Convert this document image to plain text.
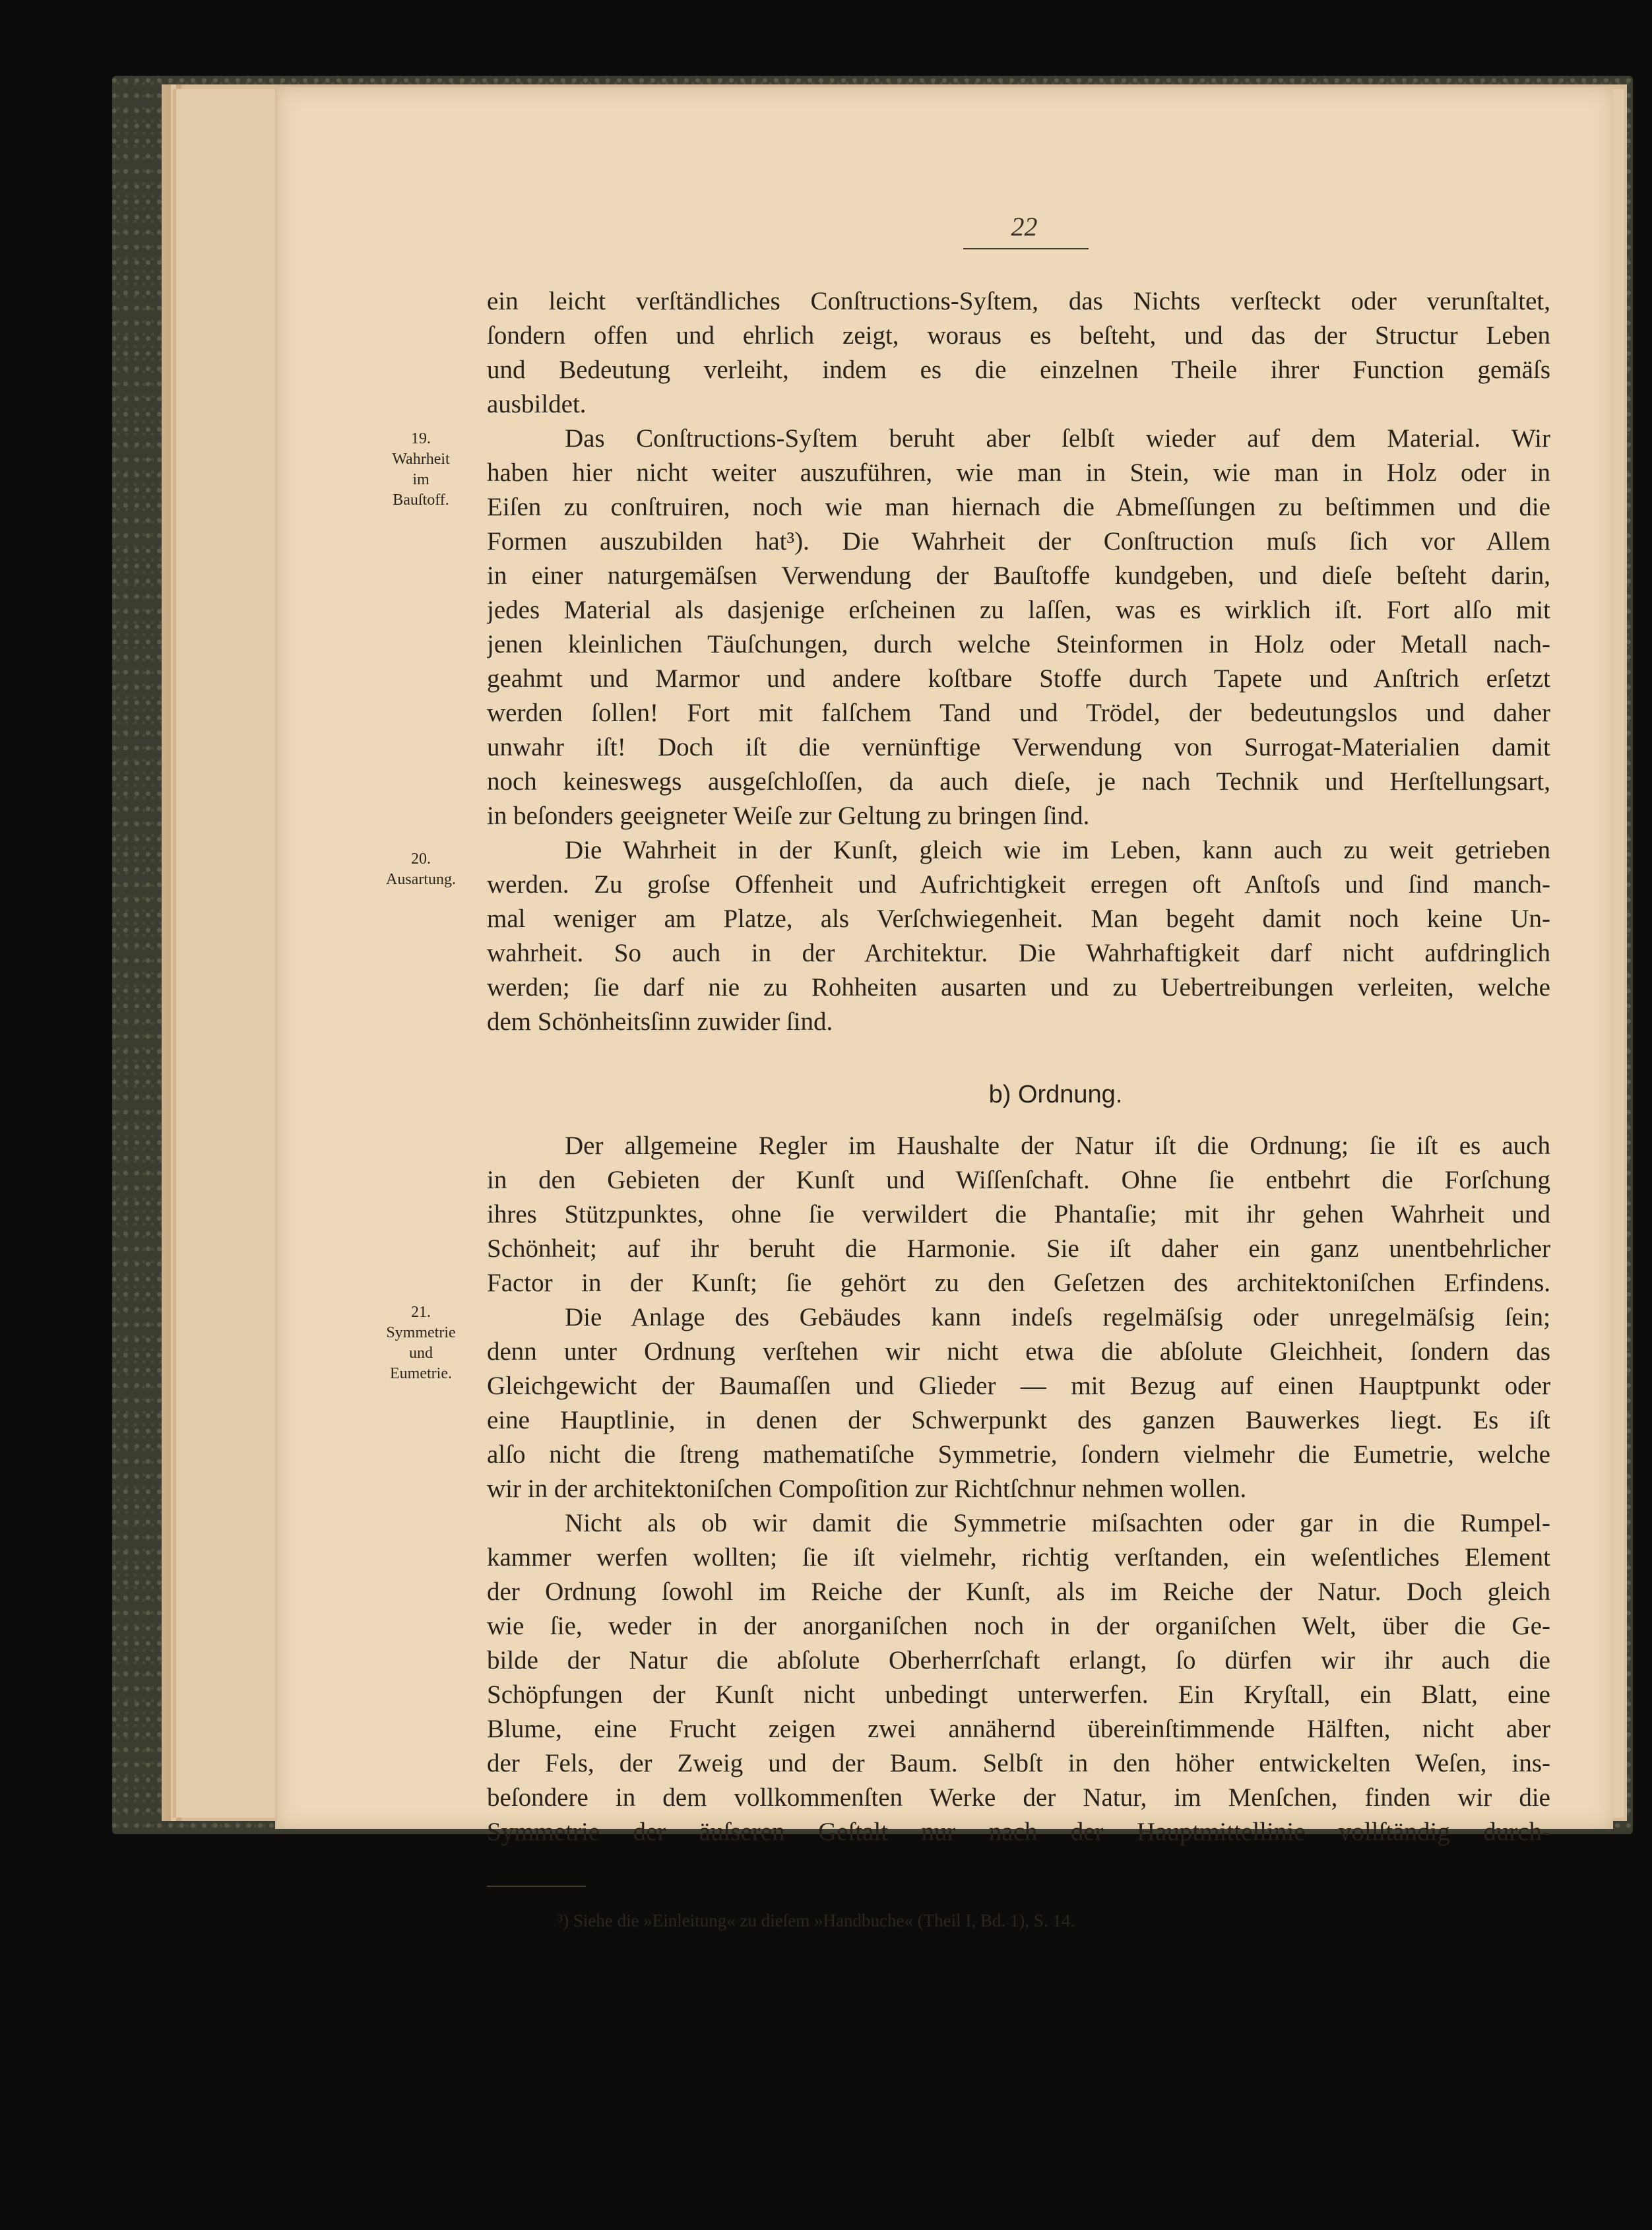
22
ein leicht verſtändliches Conſtructions-Syſtem, das Nichts verſteckt oder verunſtaltet,
ſondern offen und ehrlich zeigt, woraus es beſteht, und das der Structur Leben
und Bedeutung verleiht, indem es die einzelnen Theile ihrer Function gemäſs
ausbildet.
Das Conſtructions-Syſtem beruht aber ſelbſt wieder auf dem Material. Wir
haben hier nicht weiter auszuführen, wie man in Stein, wie man in Holz oder in
Eiſen zu conſtruiren, noch wie man hiernach die Abmeſſungen zu beſtimmen und die
Formen auszubilden hat³). Die Wahrheit der Conſtruction muſs ſich vor Allem
in einer naturgemäſsen Verwendung der Bauſtoffe kundgeben, und dieſe beſteht darin,
jedes Material als dasjenige erſcheinen zu laſſen, was es wirklich iſt. Fort alſo mit
jenen kleinlichen Täuſchungen, durch welche Steinformen in Holz oder Metall nach-
geahmt und Marmor und andere koſtbare Stoffe durch Tapete und Anſtrich erſetzt
werden ſollen! Fort mit falſchem Tand und Trödel, der bedeutungslos und daher
unwahr iſt! Doch iſt die vernünftige Verwendung von Surrogat-Materialien damit
noch keineswegs ausgeſchloſſen, da auch dieſe, je nach Technik und Herſtellungsart,
in beſonders geeigneter Weiſe zur Geltung zu bringen ſind.
Die Wahrheit in der Kunſt, gleich wie im Leben, kann auch zu weit getrieben
werden. Zu groſse Offenheit und Aufrichtigkeit erregen oft Anſtoſs und ſind manch-
mal weniger am Platze, als Verſchwiegenheit. Man begeht damit noch keine Un-
wahrheit. So auch in der Architektur. Die Wahrhaftigkeit darf nicht aufdringlich
werden; ſie darf nie zu Rohheiten ausarten und zu Uebertreibungen verleiten, welche
dem Schönheitsſinn zuwider ſind.
b) Ordnung.
Der allgemeine Regler im Haushalte der Natur iſt die Ordnung; ſie iſt es auch
in den Gebieten der Kunſt und Wiſſenſchaft. Ohne ſie entbehrt die Forſchung
ihres Stützpunktes, ohne ſie verwildert die Phantaſie; mit ihr gehen Wahrheit und
Schönheit; auf ihr beruht die Harmonie. Sie iſt daher ein ganz unentbehrlicher
Factor in der Kunſt; ſie gehört zu den Geſetzen des architektoniſchen Erfindens.
Die Anlage des Gebäudes kann indeſs regelmäſsig oder unregelmäſsig ſein;
denn unter Ordnung verſtehen wir nicht etwa die abſolute Gleichheit, ſondern das
Gleichgewicht der Baumaſſen und Glieder — mit Bezug auf einen Hauptpunkt oder
eine Hauptlinie, in denen der Schwerpunkt des ganzen Bauwerkes liegt. Es iſt
alſo nicht die ſtreng mathematiſche Symmetrie, ſondern vielmehr die Eumetrie, welche
wir in der architektoniſchen Compoſition zur Richtſchnur nehmen wollen.
Nicht als ob wir damit die Symmetrie miſsachten oder gar in die Rumpel-
kammer werfen wollten; ſie iſt vielmehr, richtig verſtanden, ein weſentliches Element
der Ordnung ſowohl im Reiche der Kunſt, als im Reiche der Natur. Doch gleich
wie ſie, weder in der anorganiſchen noch in der organiſchen Welt, über die Ge-
bilde der Natur die abſolute Oberherrſchaft erlangt, ſo dürfen wir ihr auch die
Schöpfungen der Kunſt nicht unbedingt unterwerfen. Ein Kryſtall, ein Blatt, eine
Blume, eine Frucht zeigen zwei annähernd übereinſtimmende Hälften, nicht aber
der Fels, der Zweig und der Baum. Selbſt in den höher entwickelten Weſen, ins-
beſondere in dem vollkommenſten Werke der Natur, im Menſchen, finden wir die
Symmetrie der äuſseren Geſtalt nur nach der Hauptmittellinie vollſtändig durch-
19.
Wahrheit
im
Bauſtoff.
20.
Ausartung.
21.
Symmetrie
und
Eumetrie.
³) Siehe die »Einleitung« zu dieſem »Handbuche« (Theil I, Bd. 1), S. 14.
